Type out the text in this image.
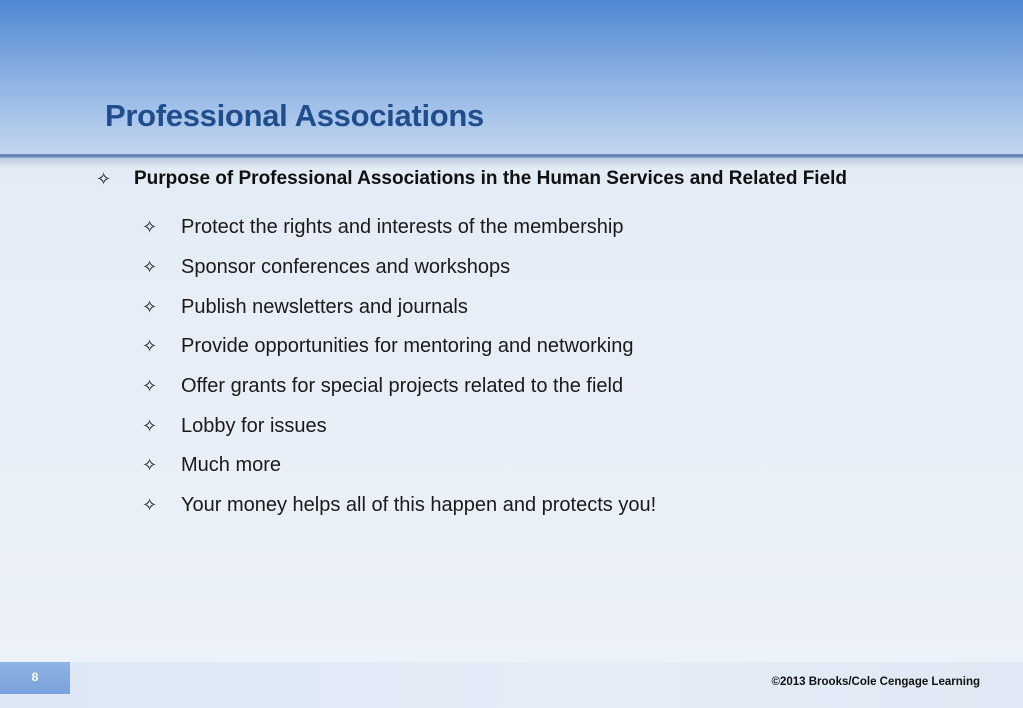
Professional Associations
✧	Purpose of Professional Associations in the Human Services and Related Field
✧	Protect the rights and interests of the membership
✧	Sponsor conferences and workshops
✧	Publish newsletters and journals
✧	Provide opportunities for mentoring and networking
✧	Offer grants for special projects related to the field
✧	Lobby for issues
✧	Much more
✧	Your money helps all of this happen and protects you!
8	©2013 Brooks/Cole Cengage Learning
